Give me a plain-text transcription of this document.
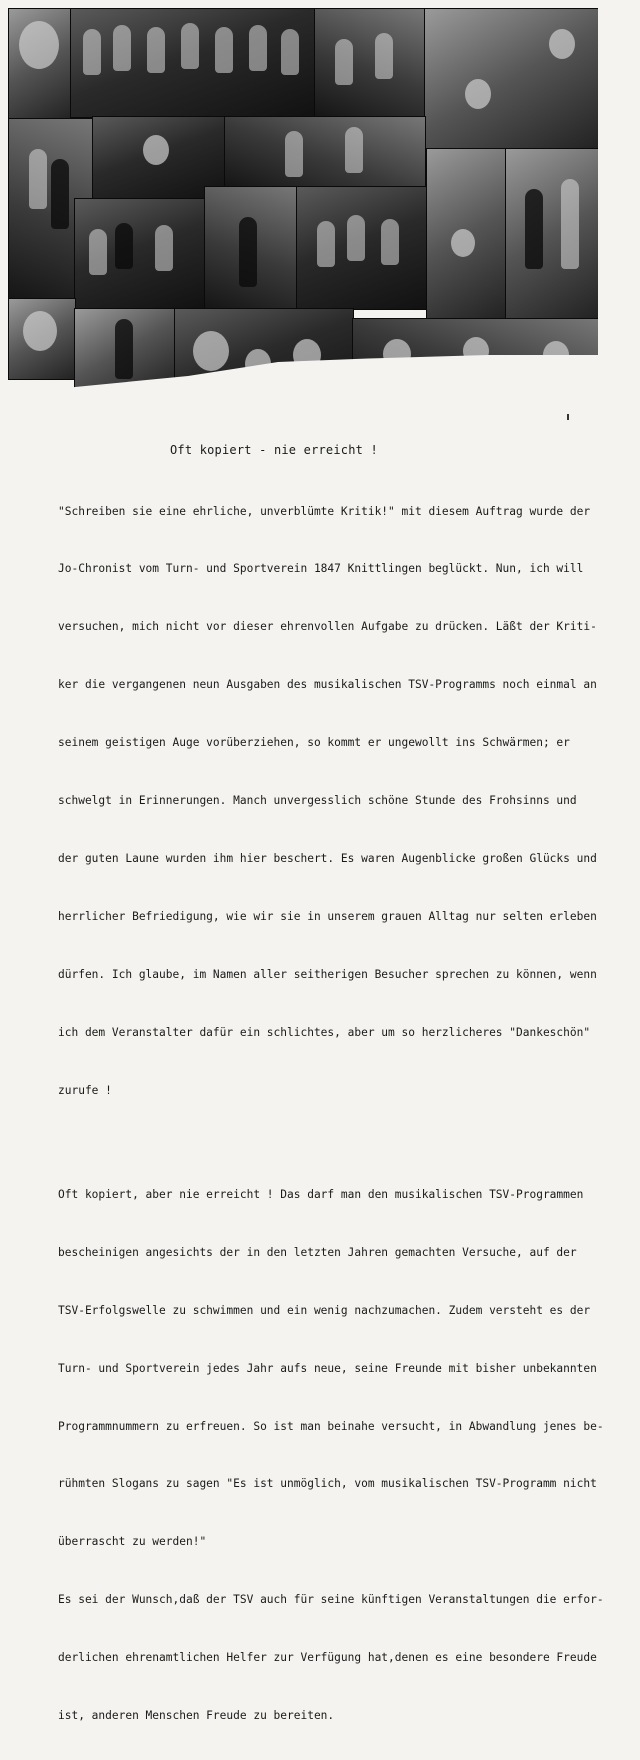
Oft kopiert - nie erreicht !

"Schreiben sie eine ehrliche, unverblümte Kritik!" mit diesem Auftrag wurde der

Jo-Chronist vom Turn- und Sportverein 1847 Knittlingen beglückt. Nun, ich will

versuchen, mich nicht vor dieser ehrenvollen Aufgabe zu drücken. Läßt der Kriti-

ker die vergangenen neun Ausgaben des musikalischen TSV-Programms noch einmal an

seinem geistigen Auge vorüberziehen, so kommt er ungewollt ins Schwärmen; er

schwelgt in Erinnerungen. Manch unvergesslich schöne Stunde des Frohsinns und

der guten Laune wurden ihm hier beschert. Es waren Augenblicke großen Glücks und

herrlicher Befriedigung, wie wir sie in unserem grauen Alltag nur selten erleben

dürfen. Ich glaube, im Namen aller seitherigen Besucher sprechen zu können, wenn

ich dem Veranstalter dafür ein schlichtes, aber um so herzlicheres "Dankeschön"

zurufe !

Oft kopiert, aber nie erreicht ! Das darf man den musikalischen TSV-Programmen

bescheinigen angesichts der in den letzten Jahren gemachten Versuche, auf der

TSV-Erfolgswelle zu schwimmen und ein wenig nachzumachen. Zudem versteht es der

Turn- und Sportverein jedes Jahr aufs neue, seine Freunde mit bisher unbekannten

Programmnummern zu erfreuen. So ist man beinahe versucht, in Abwandlung jenes be-

rühmten Slogans zu sagen "Es ist unmöglich, vom musikalischen TSV-Programm nicht

überrascht zu werden!"

Es sei der Wunsch,daß der TSV auch für seine künftigen Veranstaltungen die erfor-

derlichen ehrenamtlichen Helfer zur Verfügung hat,denen es eine besondere Freude

ist, anderen Menschen Freude zu bereiten.
